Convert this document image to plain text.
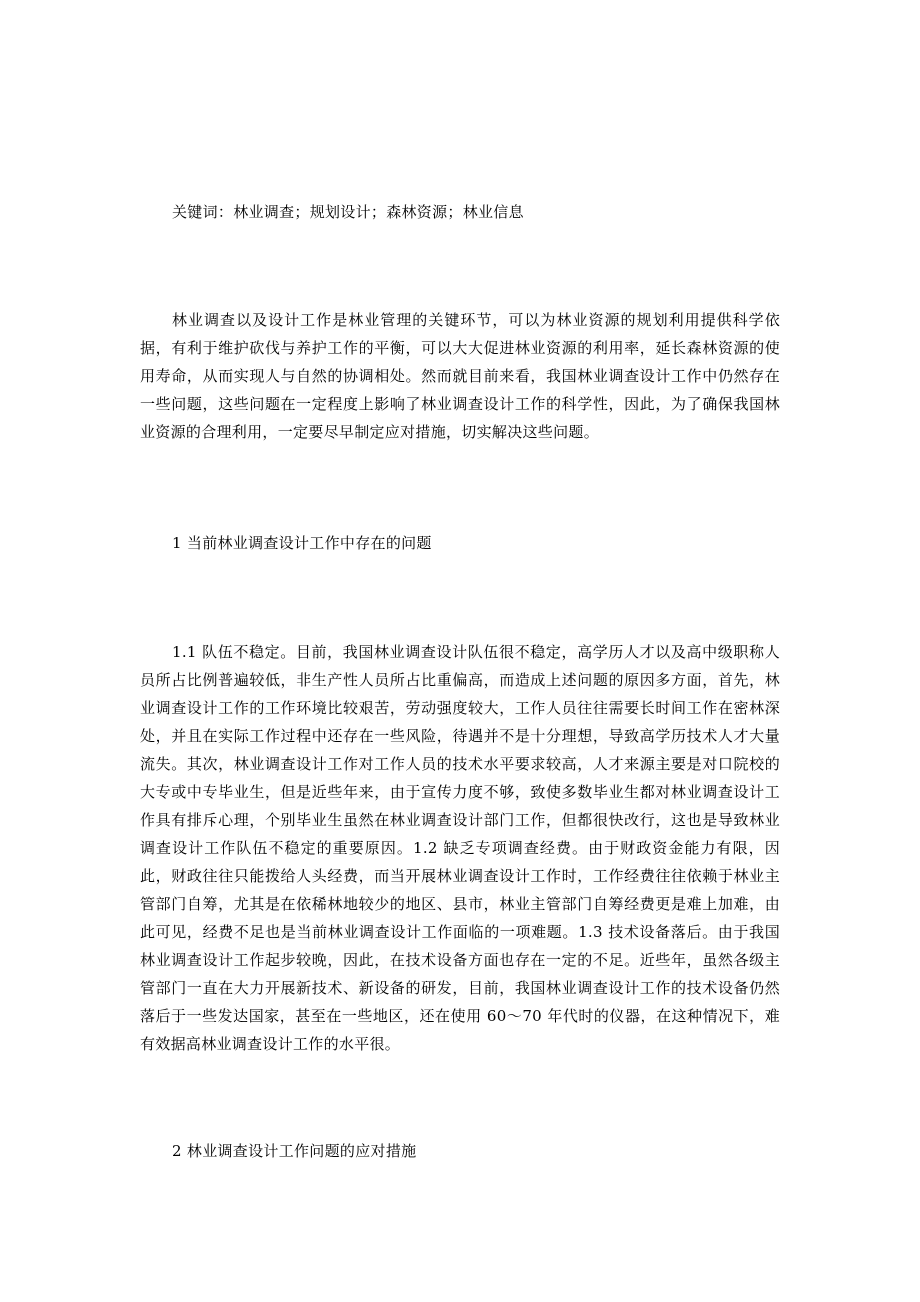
关键词：林业调查；规划设计；森林资源；林业信息
林业调查以及设计工作是林业管理的关键环节，可以为林业资源的规划利用提供科学依据，有利于维护砍伐与养护工作的平衡，可以大大促进林业资源的利用率，延长森林资源的使用寿命，从而实现人与自然的协调相处。然而就目前来看，我国林业调查设计工作中仍然存在一些问题，这些问题在一定程度上影响了林业调查设计工作的科学性，因此，为了确保我国林业资源的合理利用，一定要尽早制定应对措施，切实解决这些问题。
1 当前林业调查设计工作中存在的问题
1.1 队伍不稳定。目前，我国林业调查设计队伍很不稳定，高学历人才以及高中级职称人员所占比例普遍较低，非生产性人员所占比重偏高，而造成上述问题的原因多方面，首先，林业调查设计工作的工作环境比较艰苦，劳动强度较大，工作人员往往需要长时间工作在密林深处，并且在实际工作过程中还存在一些风险，待遇并不是十分理想，导致高学历技术人才大量流失。其次，林业调查设计工作对工作人员的技术水平要求较高，人才来源主要是对口院校的大专或中专毕业生，但是近些年来，由于宣传力度不够，致使多数毕业生都对林业调查设计工作具有排斥心理，个别毕业生虽然在林业调查设计部门工作，但都很快改行，这也是导致林业调查设计工作队伍不稳定的重要原因。1.2 缺乏专项调查经费。由于财政资金能力有限，因此，财政往往只能拨给人头经费，而当开展林业调查设计工作时，工作经费往往依赖于林业主管部门自筹，尤其是在依稀林地较少的地区、县市，林业主管部门自筹经费更是难上加难，由此可见，经费不足也是当前林业调查设计工作面临的一项难题。1.3 技术设备落后。由于我国林业调查设计工作起步较晚，因此，在技术设备方面也存在一定的不足。近些年，虽然各级主管部门一直在大力开展新技术、新设备的研发，目前，我国林业调查设计工作的技术设备仍然落后于一些发达国家，甚至在一些地区，还在使用 60～70 年代时的仪器，在这种情况下，难有效据高林业调查设计工作的水平很。
2 林业调查设计工作问题的应对措施
